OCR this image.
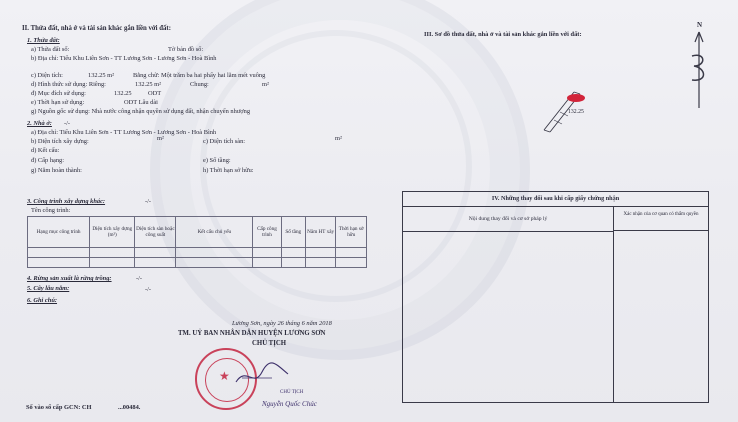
II. Thửa đất, nhà ở và tài sản khác gắn liền với đất:
1. Thửa đất:
a) Thửa đất số:	Tờ bản đồ số:
b) Địa chỉ: Tiểu Khu Liên Sơn - TT Lương Sơn - Lương Sơn - Hoà Bình
c) Diện tích:	132.25 m²	Bằng chữ: Một trăm ba hai phẩy hai lăm mét vuông
d) Hình thức sử dụng: Riêng:	132.25 m²	Chung:	m²
đ) Mục đích sử dụng:	132.25	ODT
e) Thời hạn sử dụng:	ODT Lâu dài
g) Nguồn gốc sử dụng: Nhà nước công nhận quyền sử dụng đất, nhận chuyển nhượng
2. Nhà ở: -/-
a) Địa chỉ: Tiểu Khu Liên Sơn - TT Lương Sơn - Lương Sơn - Hoà Bình
b) Diện tích xây dựng:	m²	c) Diện tích sàn:	m²
d) Kết cấu:
đ) Cấp hạng:	e) Số tầng:
g) Năm hoàn thành:	h) Thời hạn sở hữu:
3. Công trình xây dựng khác:	-/-
Tên công trình:
Hạng mục công trình	Diện tích xây dựng (m²)	Diện tích sàn hoặc công suất	Kết cấu chủ yếu	Cấp công trình	Số tầng	Năm HT xây	Thời hạn sở hữu

4. Rừng sản xuất là rừng trồng:	-/-
5. Cây lâu năm:	-/-
6. Ghi chú:
Lương Sơn, ngày 26 tháng 6 năm 2018
TM. UỶ BAN NHÂN DÂN HUYỆN LƯƠNG SƠN
CHỦ TỊCH
★
CHỦ TỊCH
Nguyễn Quốc Chúc
Số vào sổ cấp GCN: CH	...00484.
III. Sơ đồ thửa đất, nhà ở và tài sản khác gắn liền với đất:
N
132.25
IV. Những thay đổi sau khi cấp giấy chứng nhận
Nội dung thay đổi và cơ sở pháp lý
Xác nhận của cơ quan có thẩm quyền
